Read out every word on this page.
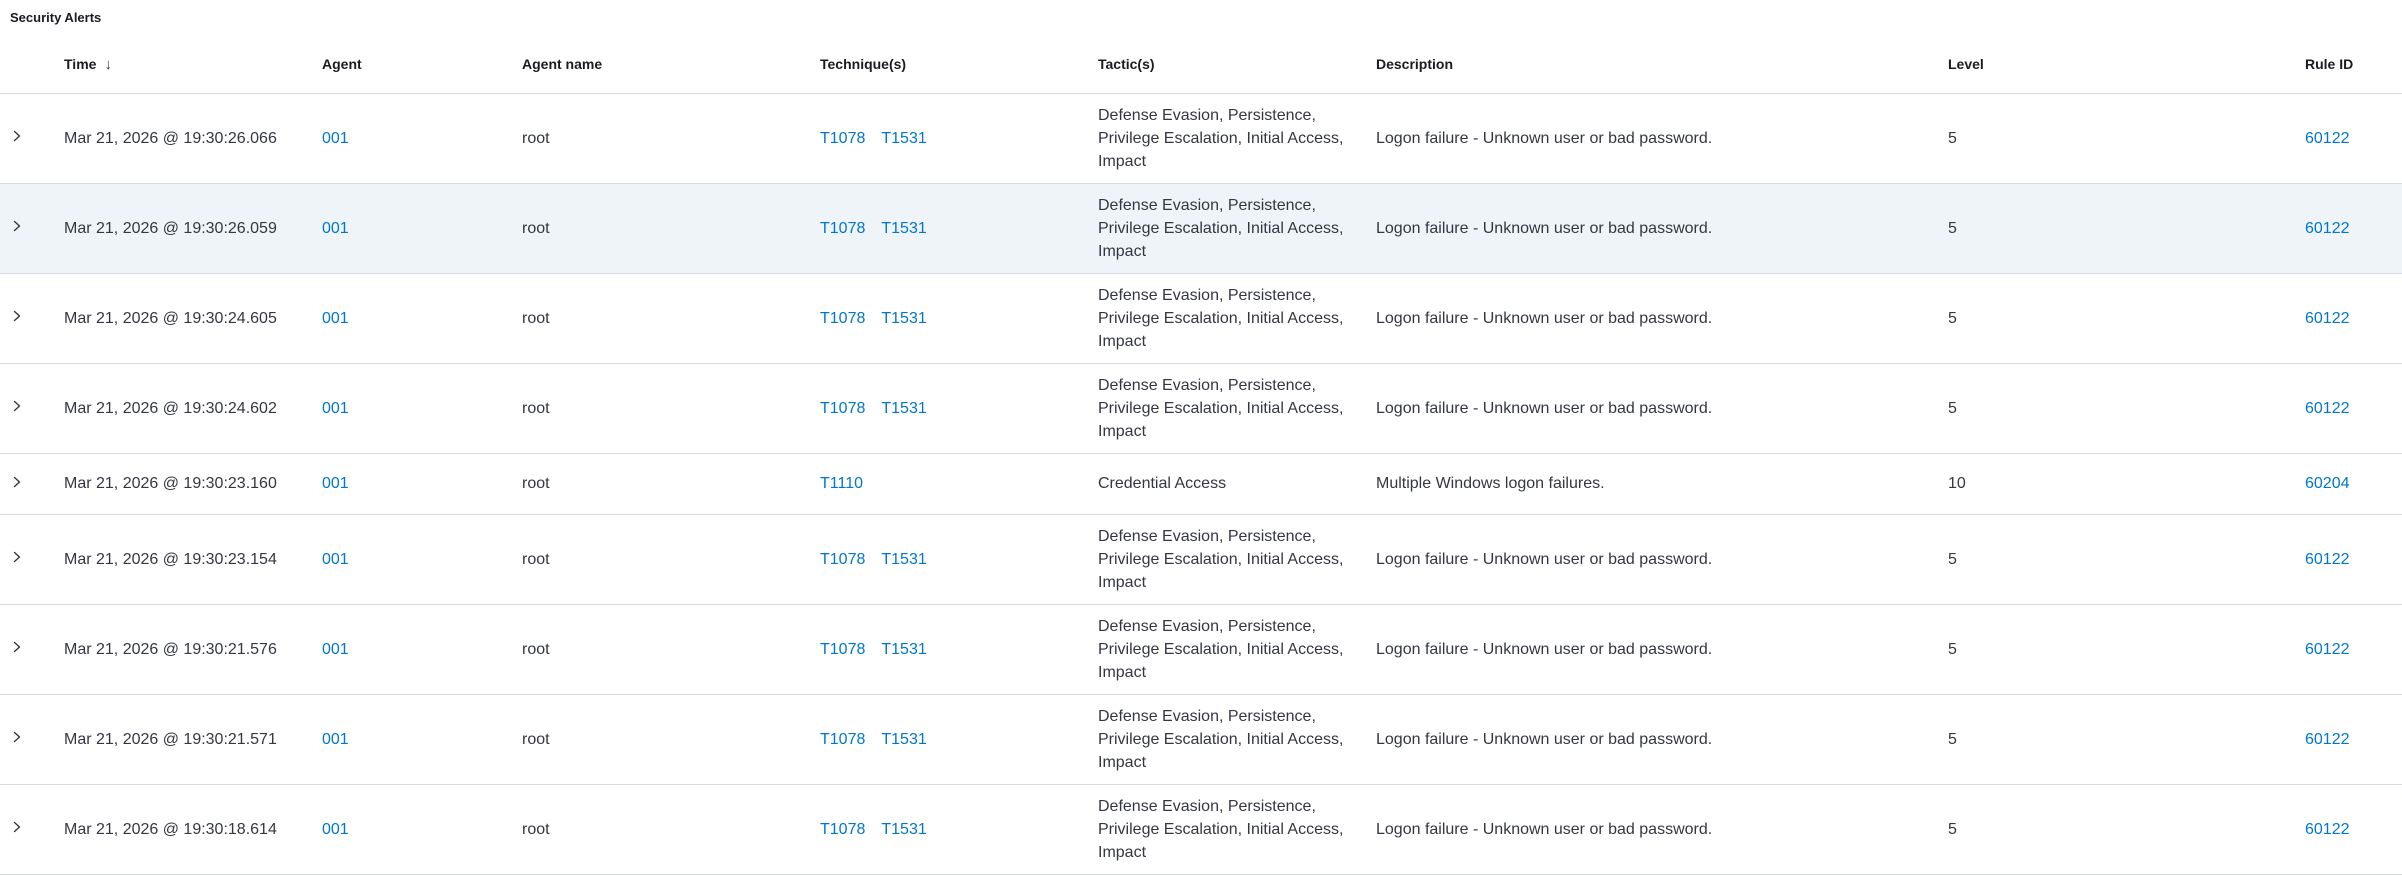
Security Alerts
	Time ↓	Agent	Agent name	Technique(s)	Tactic(s)	Description	Level	Rule ID

	Mar 21, 2026 @ 19:30:26.066	001	root	T1078 T1531	Defense Evasion, Persistence, Privilege Escalation, Initial Access, Impact	Logon failure - Unknown user or bad password.	5	60122

	Mar 21, 2026 @ 19:30:26.059	001	root	T1078 T1531	Defense Evasion, Persistence, Privilege Escalation, Initial Access, Impact	Logon failure - Unknown user or bad password.	5	60122

	Mar 21, 2026 @ 19:30:24.605	001	root	T1078 T1531	Defense Evasion, Persistence, Privilege Escalation, Initial Access, Impact	Logon failure - Unknown user or bad password.	5	60122

	Mar 21, 2026 @ 19:30:24.602	001	root	T1078 T1531	Defense Evasion, Persistence, Privilege Escalation, Initial Access, Impact	Logon failure - Unknown user or bad password.	5	60122

	Mar 21, 2026 @ 19:30:23.160	001	root	T1110	Credential Access	Multiple Windows logon failures.	10	60204

	Mar 21, 2026 @ 19:30:23.154	001	root	T1078 T1531	Defense Evasion, Persistence, Privilege Escalation, Initial Access, Impact	Logon failure - Unknown user or bad password.	5	60122

	Mar 21, 2026 @ 19:30:21.576	001	root	T1078 T1531	Defense Evasion, Persistence, Privilege Escalation, Initial Access, Impact	Logon failure - Unknown user or bad password.	5	60122

	Mar 21, 2026 @ 19:30:21.571	001	root	T1078 T1531	Defense Evasion, Persistence, Privilege Escalation, Initial Access, Impact	Logon failure - Unknown user or bad password.	5	60122

	Mar 21, 2026 @ 19:30:18.614	001	root	T1078 T1531	Defense Evasion, Persistence, Privilege Escalation, Initial Access, Impact	Logon failure - Unknown user or bad password.	5	60122
